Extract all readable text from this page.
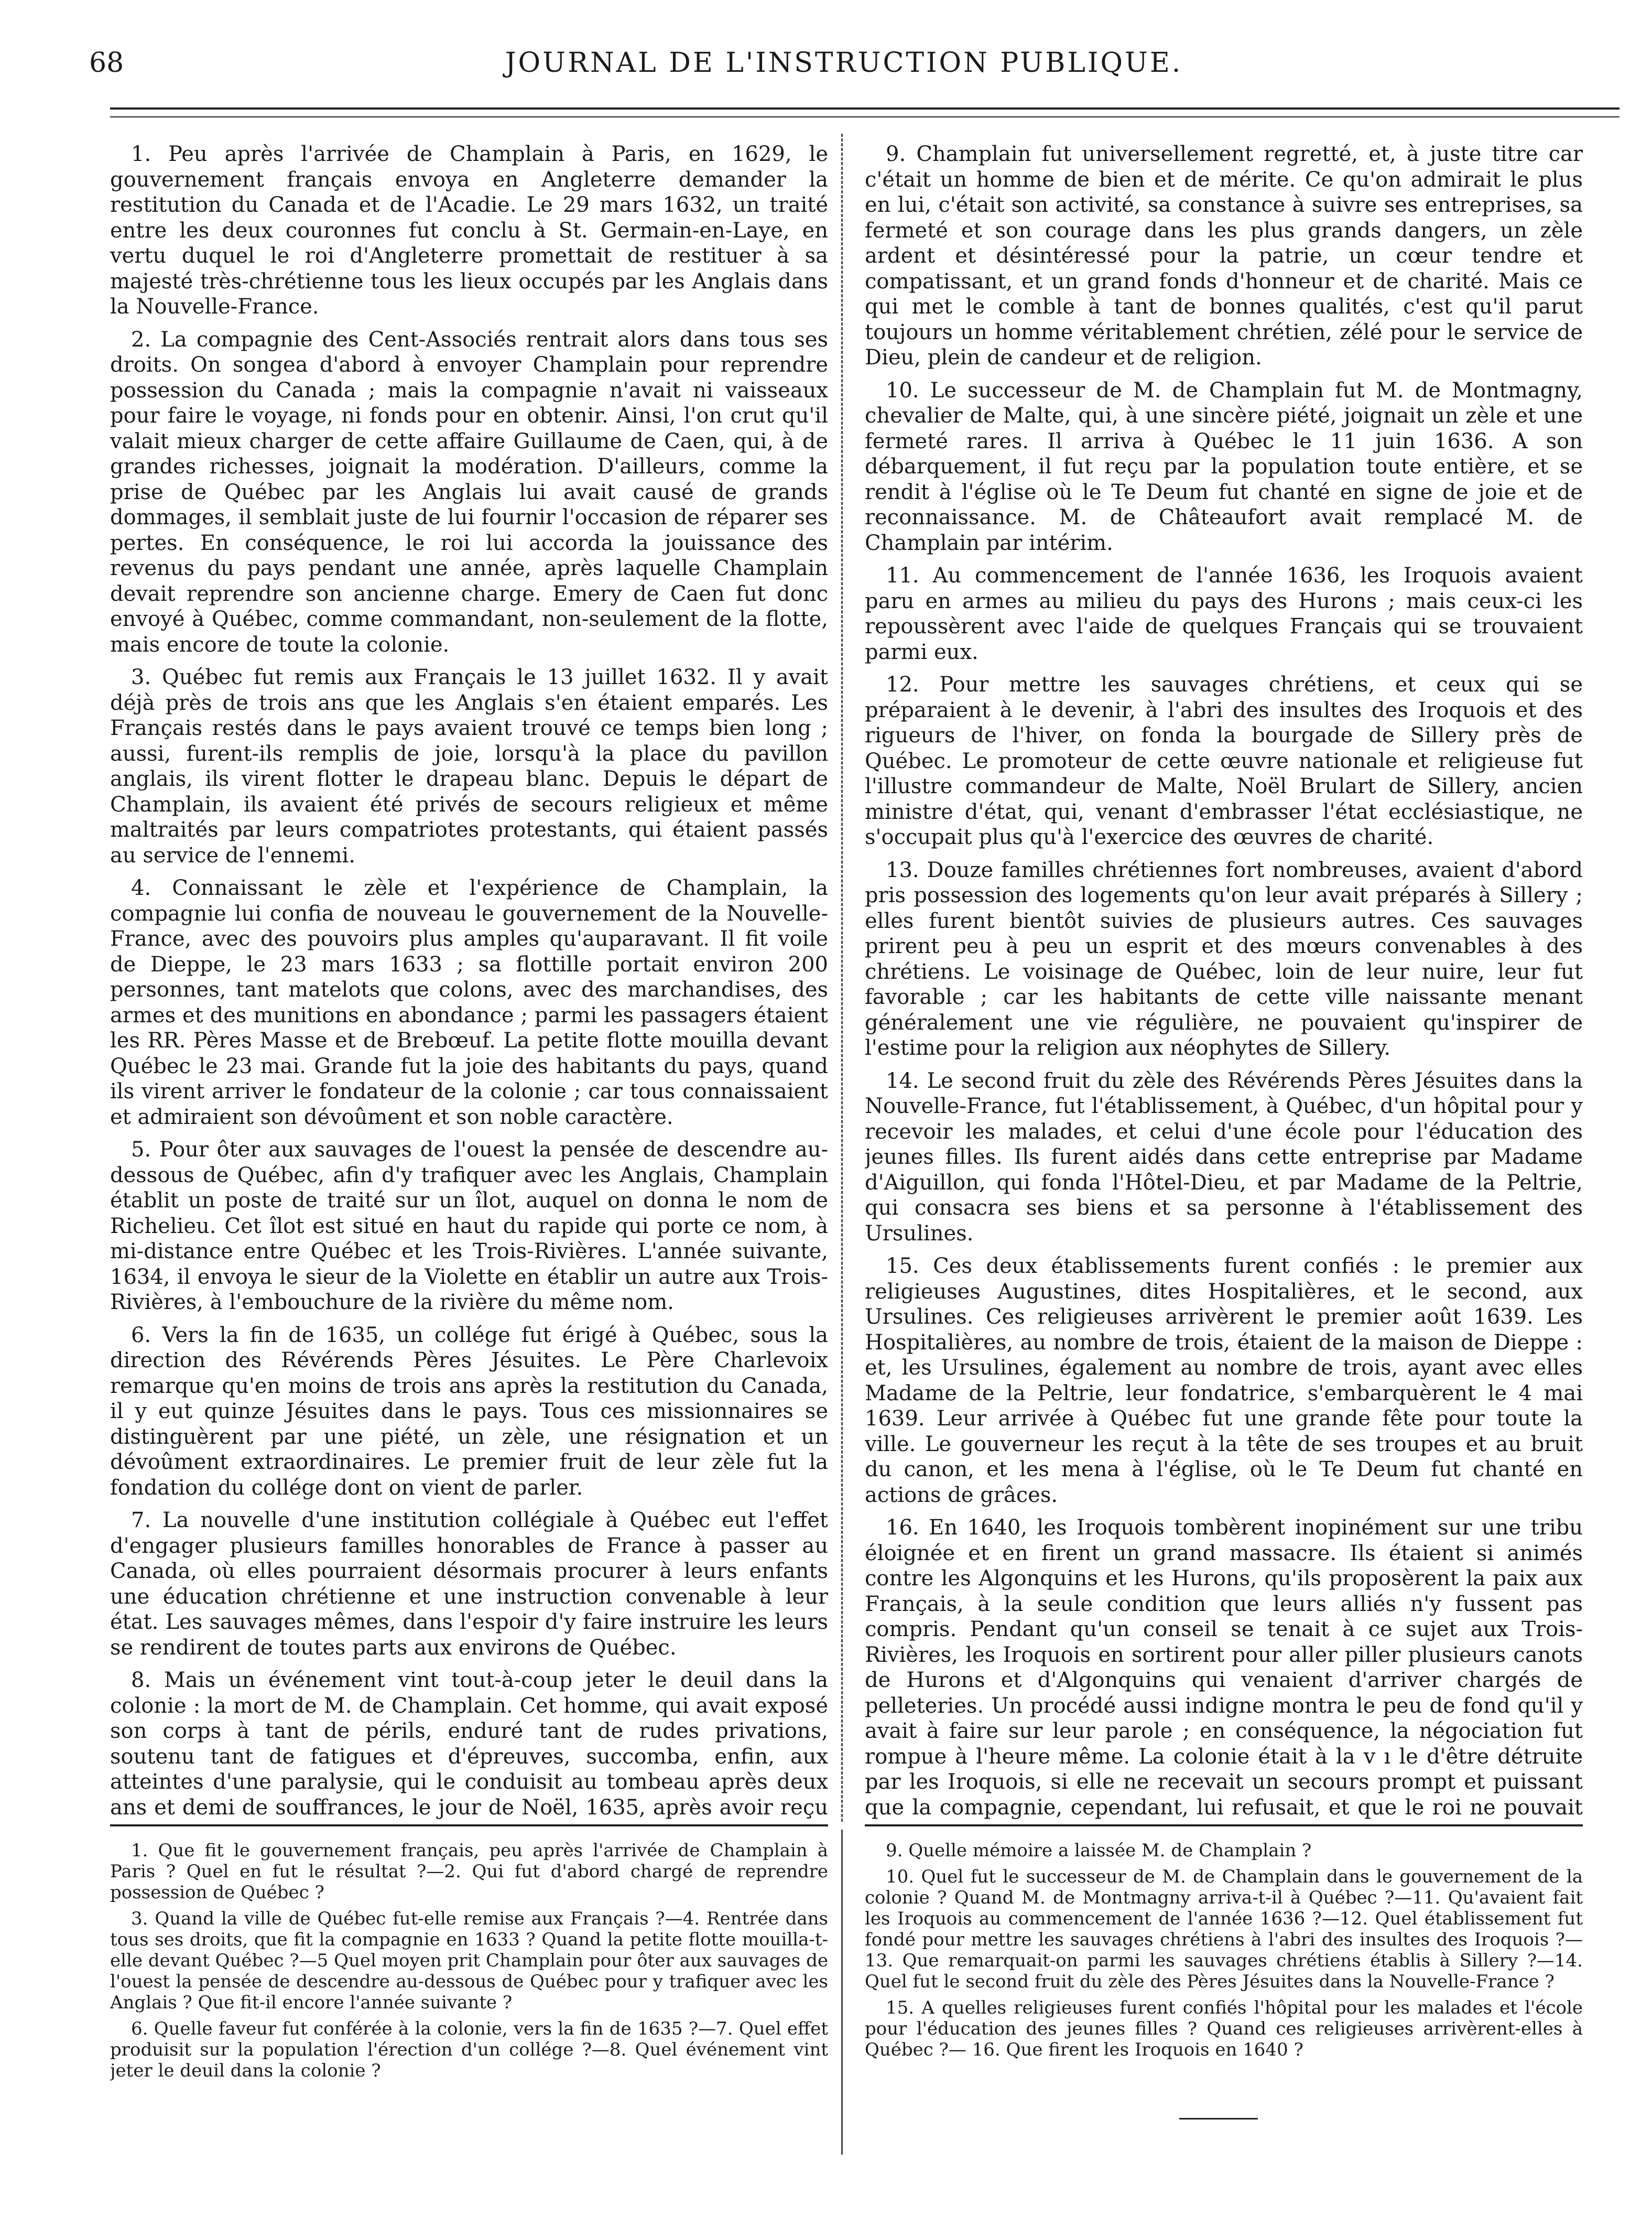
68	JOURNAL DE L'INSTRUCTION PUBLIQUE.

1. Peu après l'arrivée de Champlain à Paris, en 1629, le gouvernement français envoya en Angleterre demander la restitution du Canada et de l'Acadie. Le 29 mars 1632, un traité entre les deux couronnes fut conclu à St. Germain-en-Laye, en vertu duquel le roi d'Angleterre promettait de restituer à sa majesté très-chrétienne tous les lieux occupés par les Anglais dans la Nouvelle-France.

2. La compagnie des Cent-Associés rentrait alors dans tous ses droits. On songea d'abord à envoyer Champlain pour reprendre possession du Canada ; mais la compagnie n'avait ni vaisseaux pour faire le voyage, ni fonds pour en obtenir. Ainsi, l'on crut qu'il valait mieux charger de cette affaire Guillaume de Caen, qui, à de grandes richesses, joignait la modération. D'ailleurs, comme la prise de Québec par les Anglais lui avait causé de grands dommages, il semblait juste de lui fournir l'occasion de réparer ses pertes. En conséquence, le roi lui accorda la jouissance des revenus du pays pendant une année, après laquelle Champlain devait reprendre son ancienne charge. Emery de Caen fut donc envoyé à Québec, comme commandant, non-seulement de la flotte, mais encore de toute la colonie.

3. Québec fut remis aux Français le 13 juillet 1632. Il y avait déjà près de trois ans que les Anglais s'en étaient emparés. Les Français restés dans le pays avaient trouvé ce temps bien long ; aussi, furent-ils remplis de joie, lorsqu'à la place du pavillon anglais, ils virent flotter le drapeau blanc. Depuis le départ de Champlain, ils avaient été privés de secours religieux et même maltraités par leurs compatriotes protestants, qui étaient passés au service de l'ennemi.

4. Connaissant le zèle et l'expérience de Champlain, la compagnie lui confia de nouveau le gouvernement de la Nouvelle-France, avec des pouvoirs plus amples qu'auparavant. Il fit voile de Dieppe, le 23 mars 1633 ; sa flottille portait environ 200 personnes, tant matelots que colons, avec des marchandises, des armes et des munitions en abondance ; parmi les passagers étaient les RR. Pères Masse et de Brebœuf. La petite flotte mouilla devant Québec le 23 mai. Grande fut la joie des habitants du pays, quand ils virent arriver le fondateur de la colonie ; car tous connaissaient et admiraient son dévoûment et son noble caractère.

5. Pour ôter aux sauvages de l'ouest la pensée de descendre au-dessous de Québec, afin d'y trafiquer avec les Anglais, Champlain établit un poste de traité sur un îlot, auquel on donna le nom de Richelieu. Cet îlot est situé en haut du rapide qui porte ce nom, à mi-distance entre Québec et les Trois-Rivières. L'année suivante, 1634, il envoya le sieur de la Violette en établir un autre aux Trois-Rivières, à l'embouchure de la rivière du même nom.

6. Vers la fin de 1635, un collége fut érigé à Québec, sous la direction des Révérends Pères Jésuites. Le Père Charlevoix remarque qu'en moins de trois ans après la restitution du Canada, il y eut quinze Jésuites dans le pays. Tous ces missionnaires se distinguèrent par une piété, un zèle, une résignation et un dévoûment extraordinaires. Le premier fruit de leur zèle fut la fondation du collége dont on vient de parler.

7. La nouvelle d'une institution collégiale à Québec eut l'effet d'engager plusieurs familles honorables de France à passer au Canada, où elles pourraient désormais procurer à leurs enfants une éducation chrétienne et une instruction convenable à leur état. Les sauvages mêmes, dans l'espoir d'y faire instruire les leurs se rendirent de toutes parts aux environs de Québec.

8. Mais un événement vint tout-à-coup jeter le deuil dans la colonie : la mort de M. de Champlain. Cet homme, qui avait exposé son corps à tant de périls, enduré tant de rudes privations, soutenu tant de fatigues et d'épreuves, succomba, enfin, aux atteintes d'une paralysie, qui le conduisit au tombeau après deux ans et demi de souffrances, le jour de Noël, 1635, après avoir reçu

9. Champlain fut universellement regretté, et, à juste titre car c'était un homme de bien et de mérite. Ce qu'on admirait le plus en lui, c'était son activité, sa constance à suivre ses entreprises, sa fermeté et son courage dans les plus grands dangers, un zèle ardent et désintéressé pour la patrie, un cœur tendre et compatissant, et un grand fonds d'honneur et de charité. Mais ce qui met le comble à tant de bonnes qualités, c'est qu'il parut toujours un homme véritablement chrétien, zélé pour le service de Dieu, plein de candeur et de religion.

10. Le successeur de M. de Champlain fut M. de Montmagny, chevalier de Malte, qui, à une sincère piété, joignait un zèle et une fermeté rares. Il arriva à Québec le 11 juin 1636. A son débarquement, il fut reçu par la population toute entière, et se rendit à l'église où le Te Deum fut chanté en signe de joie et de reconnaissance. M. de Châteaufort avait remplacé M. de Champlain par intérim.

11. Au commencement de l'année 1636, les Iroquois avaient paru en armes au milieu du pays des Hurons ; mais ceux-ci les repoussèrent avec l'aide de quelques Français qui se trouvaient parmi eux.

12. Pour mettre les sauvages chrétiens, et ceux qui se préparaient à le devenir, à l'abri des insultes des Iroquois et des rigueurs de l'hiver, on fonda la bourgade de Sillery près de Québec. Le promoteur de cette œuvre nationale et religieuse fut l'illustre commandeur de Malte, Noël Brulart de Sillery, ancien ministre d'état, qui, venant d'embrasser l'état ecclésiastique, ne s'occupait plus qu'à l'exercice des œuvres de charité.

13. Douze familles chrétiennes fort nombreuses, avaient d'abord pris possession des logements qu'on leur avait préparés à Sillery ; elles furent bientôt suivies de plusieurs autres. Ces sauvages prirent peu à peu un esprit et des mœurs convenables à des chrétiens. Le voisinage de Québec, loin de leur nuire, leur fut favorable ; car les habitants de cette ville naissante menant généralement une vie régulière, ne pouvaient qu'inspirer de l'estime pour la religion aux néophytes de Sillery.

14. Le second fruit du zèle des Révérends Pères Jésuites dans la Nouvelle-France, fut l'établissement, à Québec, d'un hôpital pour y recevoir les malades, et celui d'une école pour l'éducation des jeunes filles. Ils furent aidés dans cette entreprise par Madame d'Aiguillon, qui fonda l'Hôtel-Dieu, et par Madame de la Peltrie, qui consacra ses biens et sa personne à l'établissement des Ursulines.

15. Ces deux établissements furent confiés : le premier aux religieuses Augustines, dites Hospitalières, et le second, aux Ursulines. Ces religieuses arrivèrent le premier août 1639. Les Hospitalières, au nombre de trois, étaient de la maison de Dieppe : et, les Ursulines, également au nombre de trois, ayant avec elles Madame de la Peltrie, leur fondatrice, s'embarquèrent le 4 mai 1639. Leur arrivée à Québec fut une grande fête pour toute la ville. Le gouverneur les reçut à la tête de ses troupes et au bruit du canon, et les mena à l'église, où le Te Deum fut chanté en actions de grâces.

16. En 1640, les Iroquois tombèrent inopinément sur une tribu éloignée et en firent un grand massacre. Ils étaient si animés contre les Algonquins et les Hurons, qu'ils proposèrent la paix aux Français, à la seule condition que leurs alliés n'y fussent pas compris. Pendant qu'un conseil se tenait à ce sujet aux Trois-Rivières, les Iroquois en sortirent pour aller piller plusieurs canots de Hurons et d'Algonquins qui venaient d'arriver chargés de pelleteries. Un procédé aussi indigne montra le peu de fond qu'il y avait à faire sur leur parole ; en conséquence, la négociation fut rompue à l'heure même. La colonie était à la v ı le d'être détruite par les Iroquois, si elle ne recevait un secours prompt et puissant que la compagnie, cependant, lui refusait, et que le roi ne pouvait

1. Que fit le gouvernement français, peu après l'arrivée de Champlain à Paris ? Quel en fut le résultat ?—2. Qui fut d'abord chargé de reprendre possession de Québec ?

3. Quand la ville de Québec fut-elle remise aux Français ?—4. Rentrée dans tous ses droits, que fit la compagnie en 1633 ? Quand la petite flotte mouilla-t-elle devant Québec ?—5 Quel moyen prit Champlain pour ôter aux sauvages de l'ouest la pensée de descendre au-dessous de Québec pour y trafiquer avec les Anglais ? Que fit-il encore l'année suivante ?

6. Quelle faveur fut conférée à la colonie, vers la fin de 1635 ?—7. Quel effet produisit sur la population l'érection d'un collége ?—8. Quel événement vint jeter le deuil dans la colonie ?

9. Quelle mémoire a laissée M. de Champlain ?

10. Quel fut le successeur de M. de Champlain dans le gouvernement de la colonie ? Quand M. de Montmagny arriva-t-il à Québec ?—11. Qu'avaient fait les Iroquois au commencement de l'année 1636 ?—12. Quel établissement fut fondé pour mettre les sauvages chrétiens à l'abri des insultes des Iroquois ?—13. Que remarquait-on parmi les sauvages chrétiens établis à Sillery ?—14. Quel fut le second fruit du zèle des Pères Jésuites dans la Nouvelle-France ?

15. A quelles religieuses furent confiés l'hôpital pour les malades et l'école pour l'éducation des jeunes filles ? Quand ces religieuses arrivèrent-elles à Québec ?— 16. Que firent les Iroquois en 1640 ?
